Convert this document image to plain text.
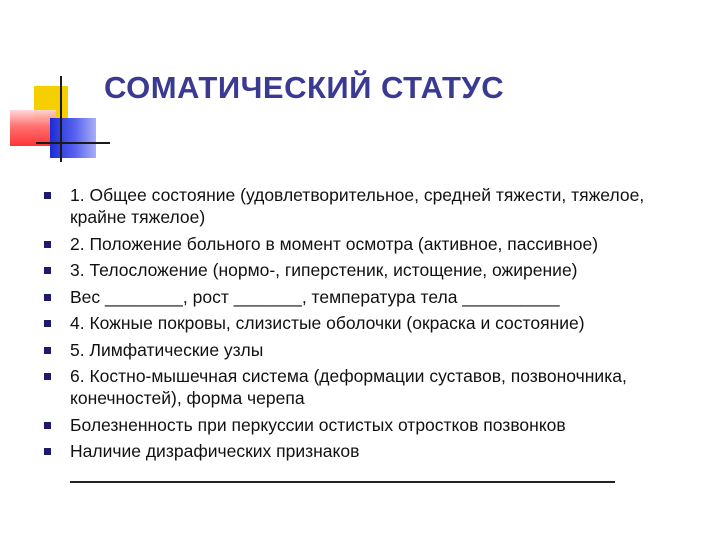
СОМАТИЧЕСКИЙ СТАТУС
1. Общее состояние (удовлетворительное, средней тяжести, тяжелое, крайне тяжелое)
2. Положение больного в момент осмотра (активное, пассивное)
3. Телосложение (нормо-, гиперстеник, истощение, ожирение)
Вес ________, рост _______, температура тела __________
4. Кожные покровы, слизистые оболочки (окраска и состояние)
5. Лимфатические узлы
6. Костно-мышечная система (деформации суставов, позвоночника, конечностей), форма черепа
Болезненность при перкуссии остистых отростков позвонков
Наличие дизрафических признаков
